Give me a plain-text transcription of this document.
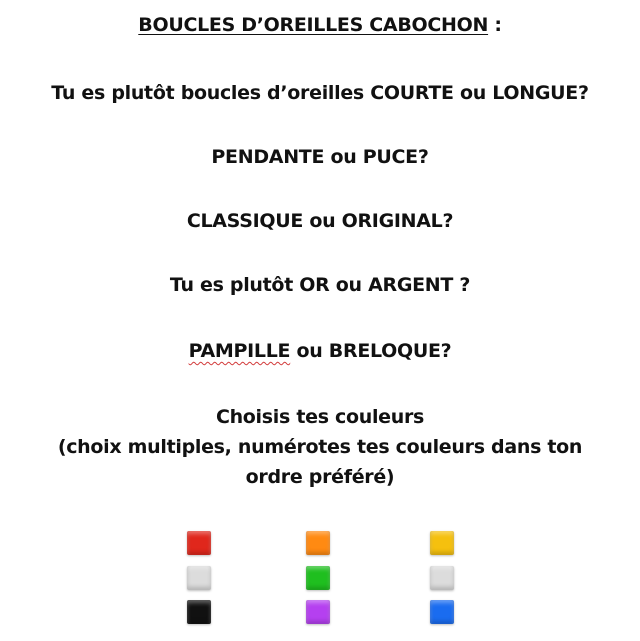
BOUCLES D’OREILLES CABOCHON :
Tu es plutôt boucles d’oreilles COURTE ou LONGUE?
PENDANTE ou PUCE?
CLASSIQUE ou ORIGINAL?
Tu es plutôt OR ou ARGENT ?
PAMPILLE ou BRELOQUE?
Choisis tes couleurs
(choix multiples, numérotes tes couleurs dans ton
ordre préféré)
